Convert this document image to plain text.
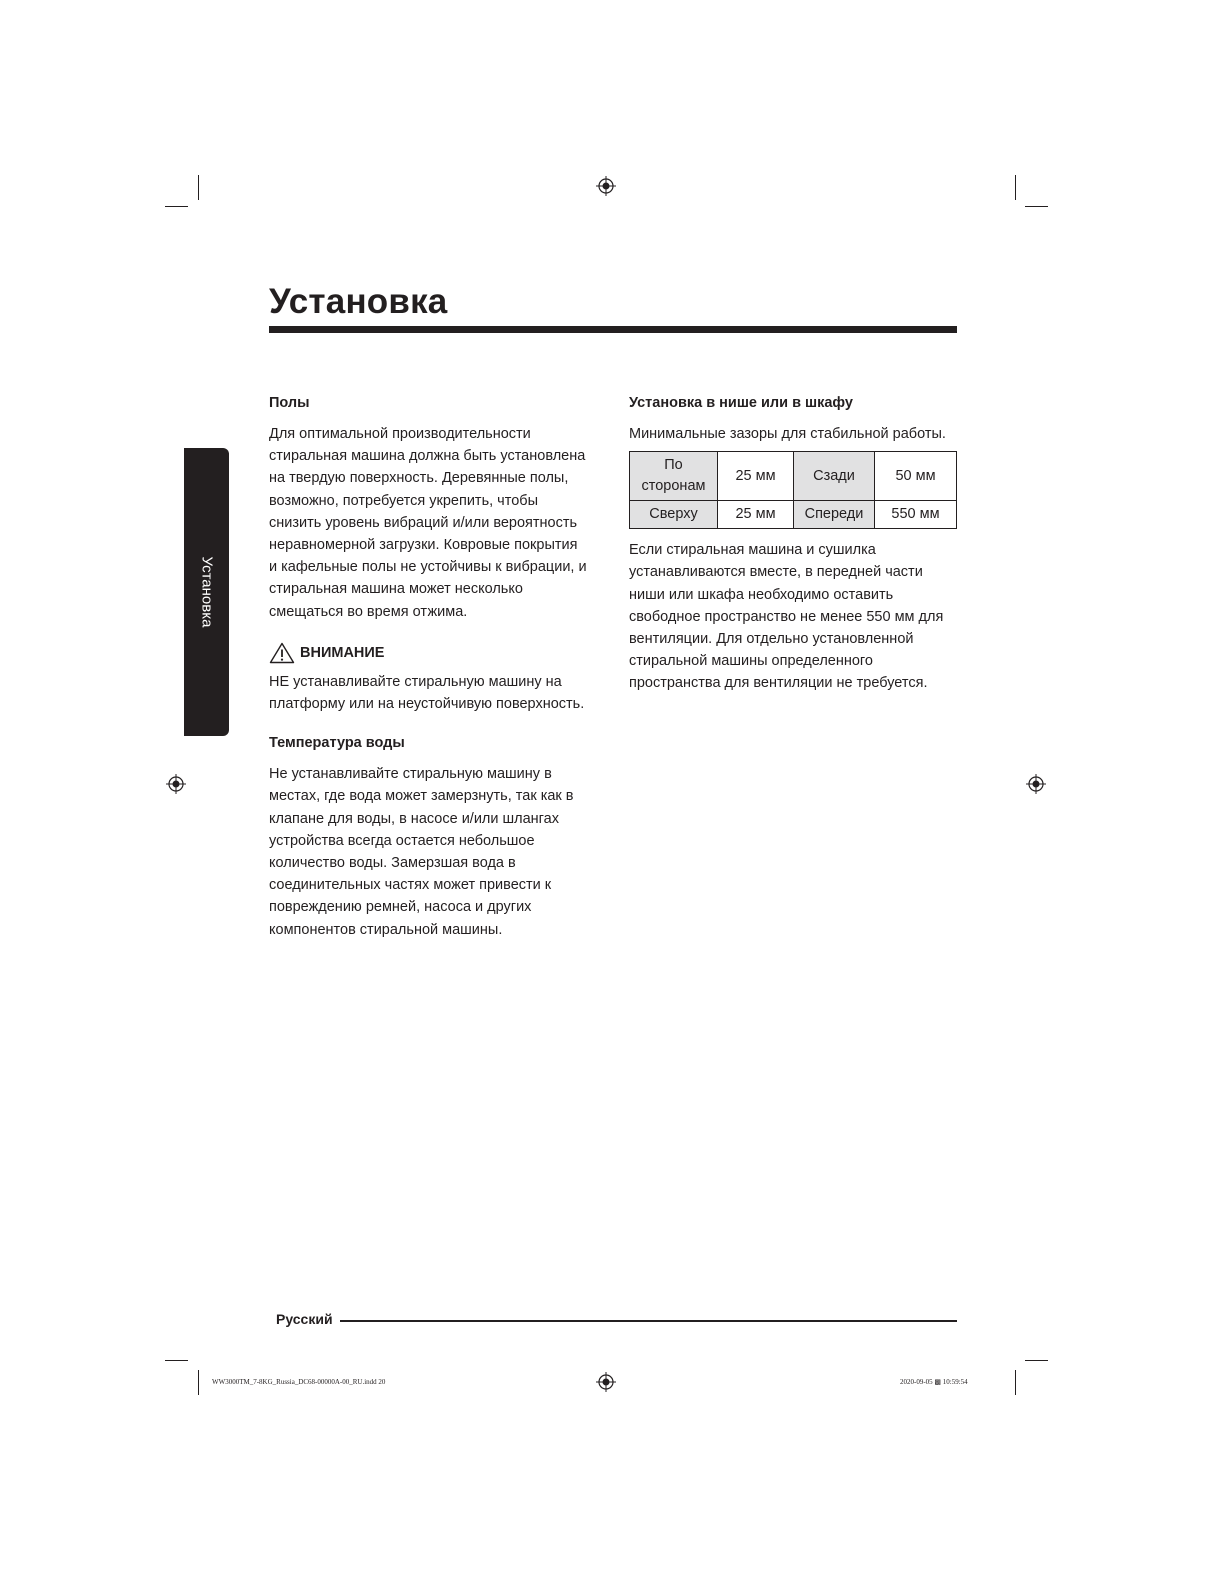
Установка
Установка
Полы

Для оптимальной производительности стиральная машина должна быть установлена на твердую поверхность. Деревянные полы, возможно, потребуется укрепить, чтобы снизить уровень вибраций и/или вероятность неравномерной загрузки. Ковровые покрытия и кафельные полы не устойчивы к вибрации, и стиральная машина может несколько смещаться во время отжима.

ВНИМАНИЕ

НЕ устанавливайте стиральную машину на платформу или на неустойчивую поверхность.

Температура воды

Не устанавливайте стиральную машину в местах, где вода может замерзнуть, так как в клапане для воды, в насосе и/или шлангах устройства всегда остается небольшое количество воды. Замерзшая вода в соединительных частях может привести к повреждению ремней, насоса и других компонентов стиральной машины.

Установка в нише или в шкафу

Минимальные зазоры для стабильной работы.

По сторонам	25 мм	Сзади	50 мм
Сверху	25 мм	Спереди	550 мм

Если стиральная машина и сушилка устанавливаются вместе, в передней части ниши или шкафа необходимо оставить свободное пространство не менее 550 мм для вентиляции. Для отдельно установленной стиральной машины определенного пространства для вентиляции не требуется.

Русский
WW3000TM_7-8KG_Russia_DC68-00000A-00_RU.indd 20	2020-09-05 ▩ 10:59:54
